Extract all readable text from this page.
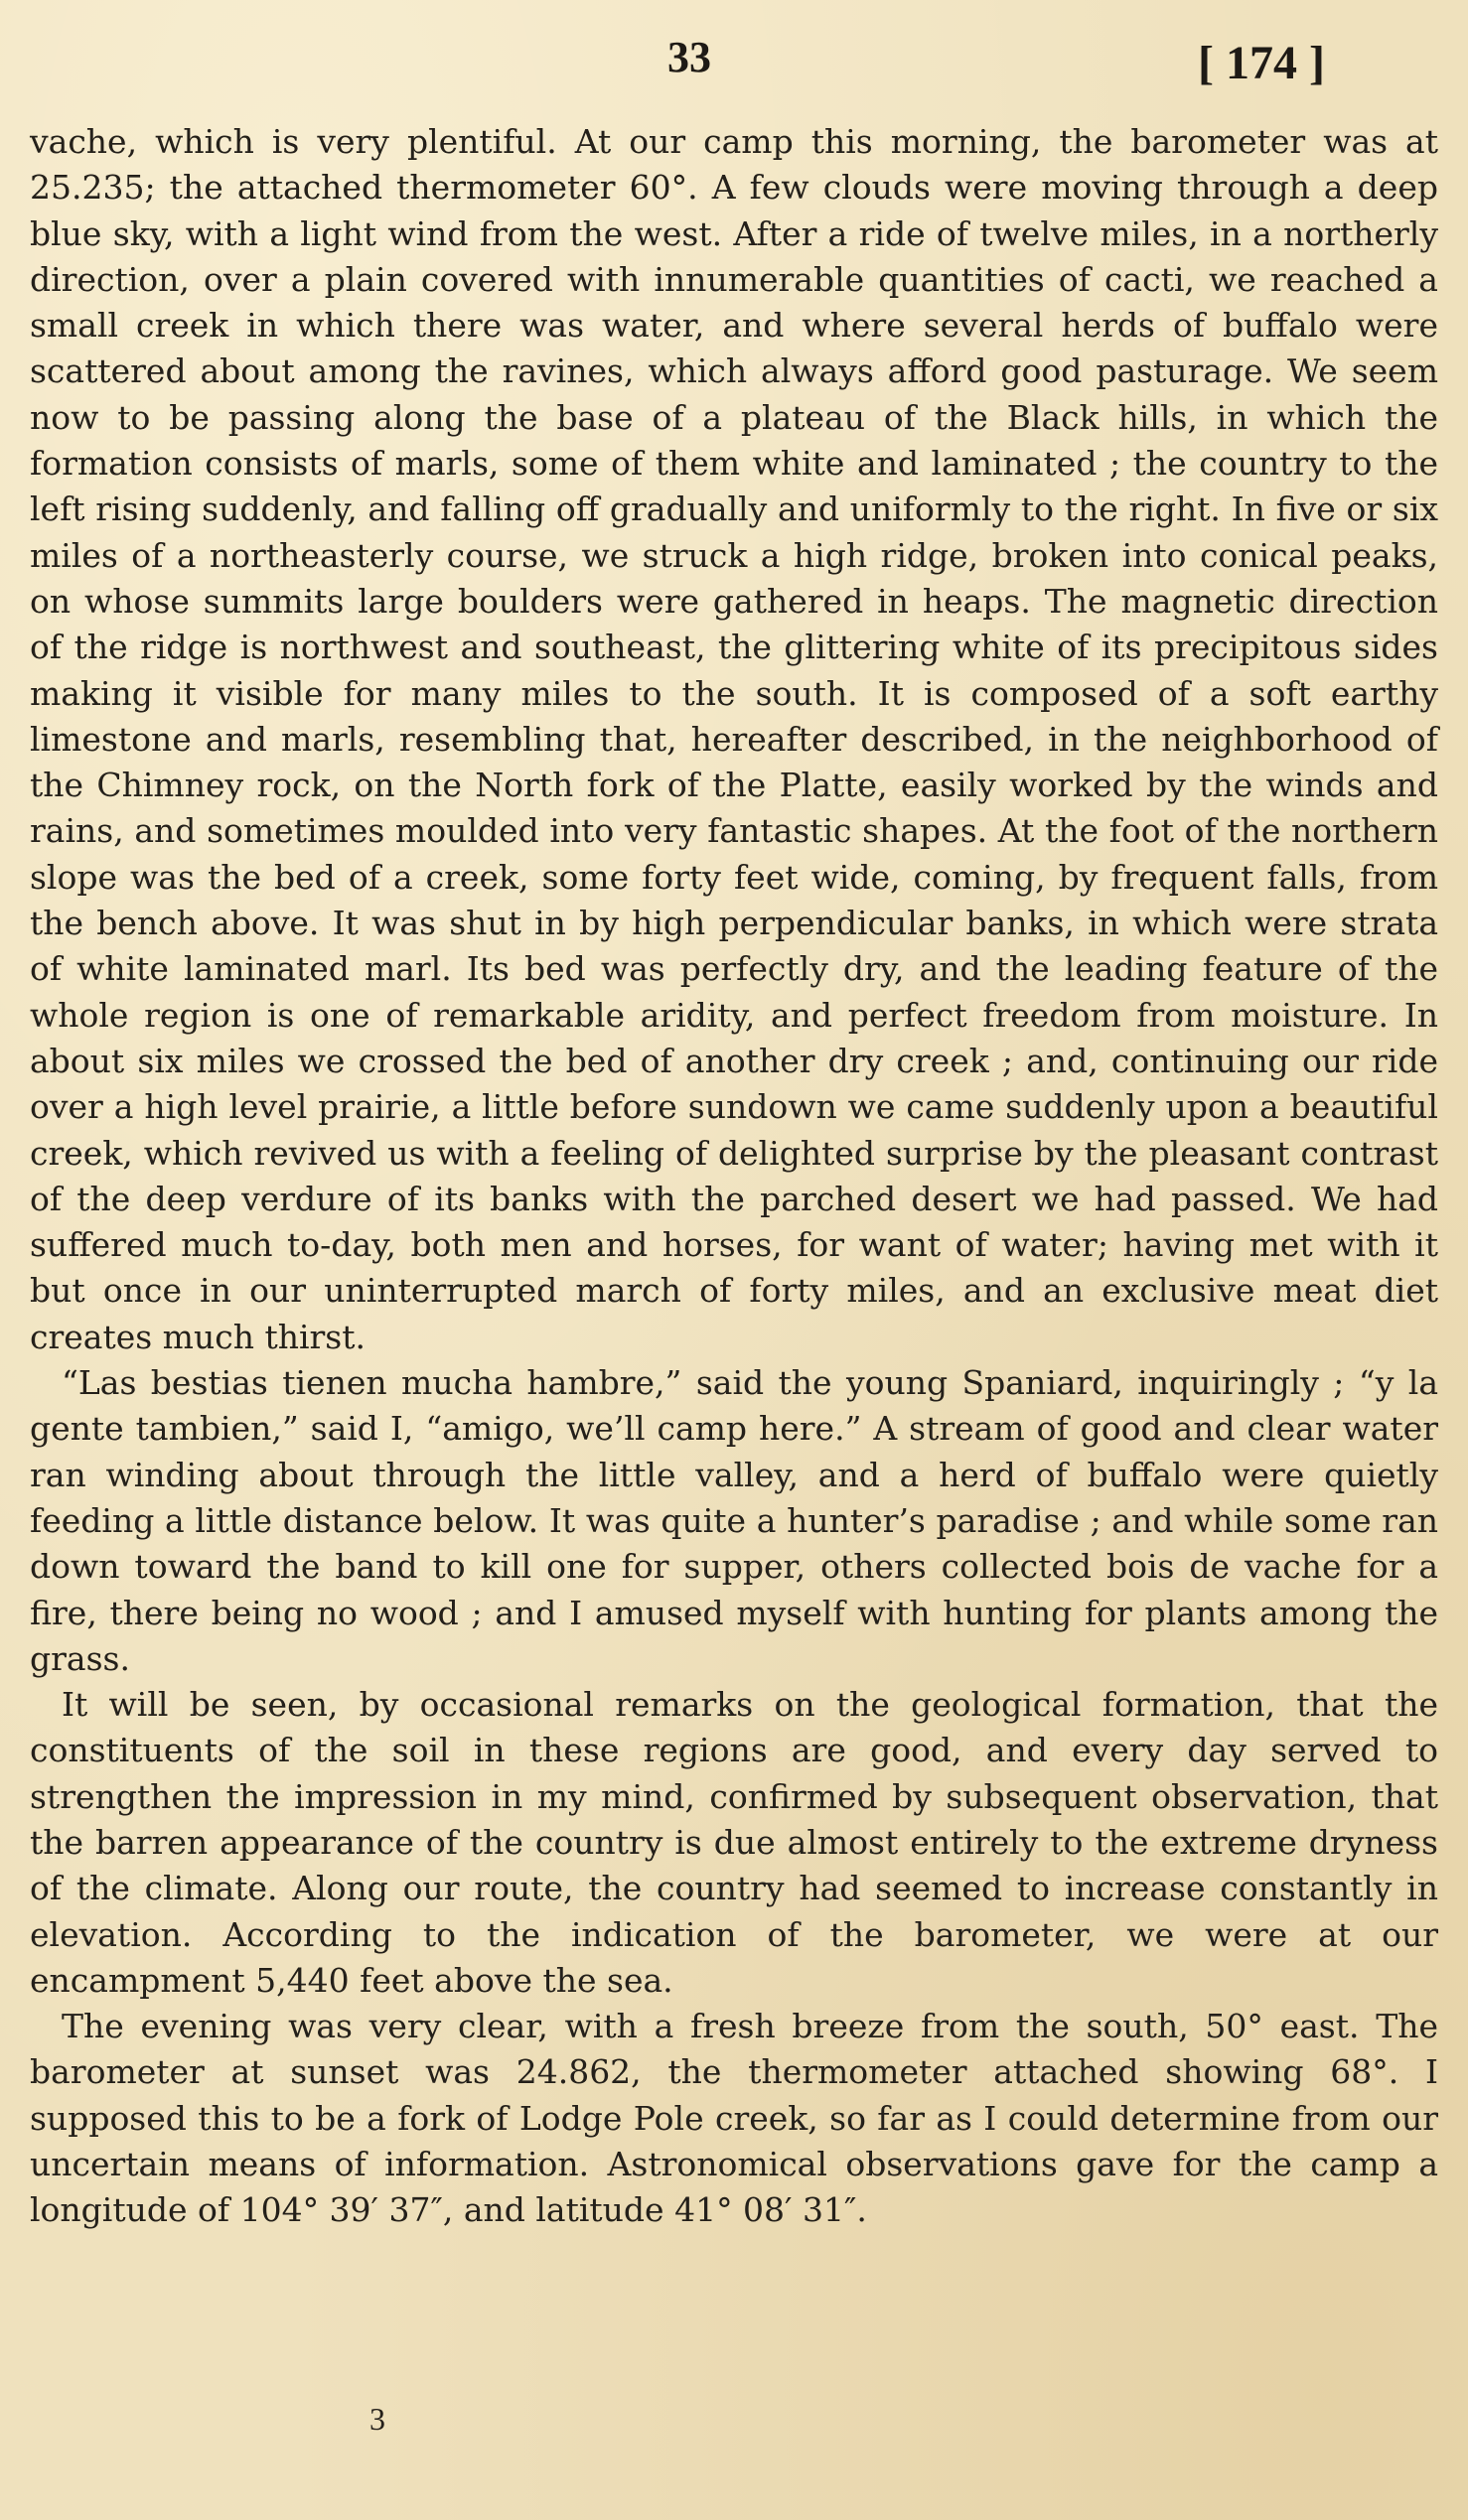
33	[ 174 ]

vache, which is very plentiful. At our camp this morning, the barometer was at 25.235; the attached thermometer 60°. A few clouds were moving through a deep blue sky, with a light wind from the west. After a ride of twelve miles, in a northerly direction, over a plain covered with innumerable quantities of cacti, we reached a small creek in which there was water, and where several herds of buffalo were scattered about among the ravines, which always afford good pasturage. We seem now to be passing along the base of a plateau of the Black hills, in which the formation consists of marls, some of them white and laminated ; the country to the left rising suddenly, and falling off gradually and uniformly to the right. In five or six miles of a northeasterly course, we struck a high ridge, broken into conical peaks, on whose summits large boulders were gathered in heaps. The magnetic direction of the ridge is northwest and southeast, the glittering white of its precipitous sides making it visible for many miles to the south. It is composed of a soft earthy limestone and marls, resembling that, hereafter described, in the neighborhood of the Chimney rock, on the North fork of the Platte, easily worked by the winds and rains, and sometimes moulded into very fantastic shapes. At the foot of the northern slope was the bed of a creek, some forty feet wide, coming, by frequent falls, from the bench above. It was shut in by high perpendicular banks, in which were strata of white laminated marl. Its bed was perfectly dry, and the leading feature of the whole region is one of remarkable aridity, and perfect freedom from moisture. In about six miles we crossed the bed of another dry creek ; and, continuing our ride over a high level prairie, a little before sundown we came suddenly upon a beautiful creek, which revived us with a feeling of delighted surprise by the pleasant contrast of the deep verdure of its banks with the parched desert we had passed. We had suffered much to-day, both men and horses, for want of water; having met with it but once in our uninterrupted march of forty miles, and an exclusive meat diet creates much thirst.

“Las bestias tienen mucha hambre,” said the young Spaniard, inquiringly ; “y la gente tambien,” said I, “amigo, we’ll camp here.” A stream of good and clear water ran winding about through the little valley, and a herd of buffalo were quietly feeding a little distance below. It was quite a hunter’s paradise ; and while some ran down toward the band to kill one for supper, others collected bois de vache for a fire, there being no wood ; and I amused myself with hunting for plants among the grass.

It will be seen, by occasional remarks on the geological formation, that the constituents of the soil in these regions are good, and every day served to strengthen the impression in my mind, confirmed by subsequent observation, that the barren appearance of the country is due almost entirely to the extreme dryness of the climate. Along our route, the country had seemed to increase constantly in elevation. According to the indication of the barometer, we were at our encampment 5,440 feet above the sea.

The evening was very clear, with a fresh breeze from the south, 50° east. The barometer at sunset was 24.862, the thermometer attached showing 68°. I supposed this to be a fork of Lodge Pole creek, so far as I could determine from our uncertain means of information. Astronomical observations gave for the camp a longitude of 104° 39′ 37″, and latitude 41° 08′ 31″.

3
